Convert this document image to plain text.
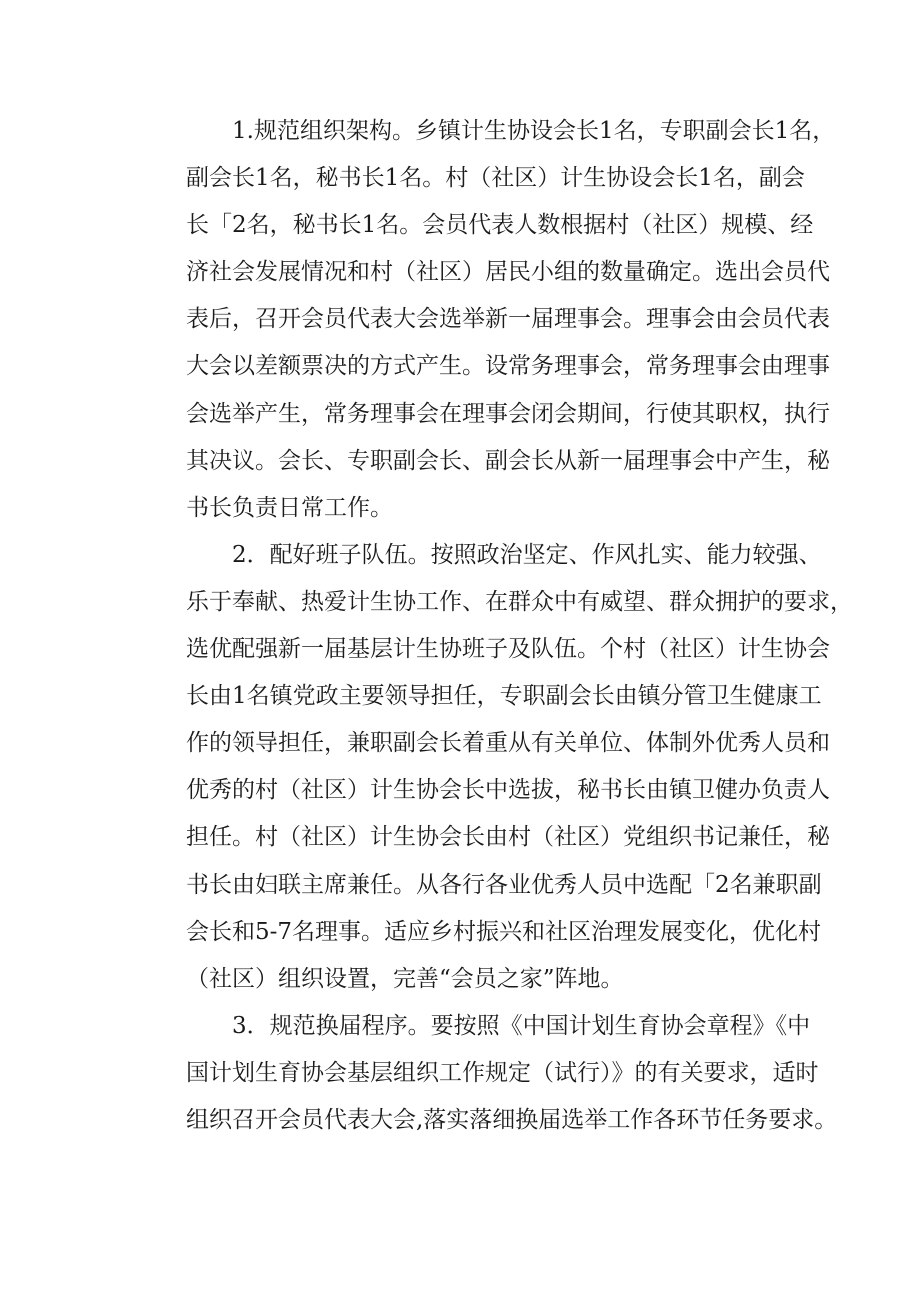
1.规范组织架构。乡镇计生协设会长1名，专职副会长1名，
副会长1名，秘书长1名。村（社区）计生协设会长1名，副会
长「2名，秘书长1名。会员代表人数根据村（社区）规模、经
济社会发展情况和村（社区）居民小组的数量确定。选出会员代
表后，召开会员代表大会选举新一届理事会。理事会由会员代表
大会以差额票决的方式产生。设常务理事会，常务理事会由理事
会选举产生，常务理事会在理事会闭会期间，行使其职权，执行
其决议。会长、专职副会长、副会长从新一届理事会中产生，秘
书长负责日常工作。
2．配好班子队伍。按照政治坚定、作风扎实、能力较强、
乐于奉献、热爱计生协工作、在群众中有威望、群众拥护的要求，
选优配强新一届基层计生协班子及队伍。个村（社区）计生协会
长由1名镇党政主要领导担任，专职副会长由镇分管卫生健康工
作的领导担任，兼职副会长着重从有关单位、体制外优秀人员和
优秀的村（社区）计生协会长中选拔，秘书长由镇卫健办负责人
担任。村（社区）计生协会长由村（社区）党组织书记兼任，秘
书长由妇联主席兼任。从各行各业优秀人员中选配「2名兼职副
会长和5-7名理事。适应乡村振兴和社区治理发展变化，优化村
（社区）组织设置，完善“会员之家”阵地。
3．规范换届程序。要按照《中国计划生育协会章程》《中
国计划生育协会基层组织工作规定（试行）》的有关要求，适时
组织召开会员代表大会,落实落细换届选举工作各环节任务要求。
